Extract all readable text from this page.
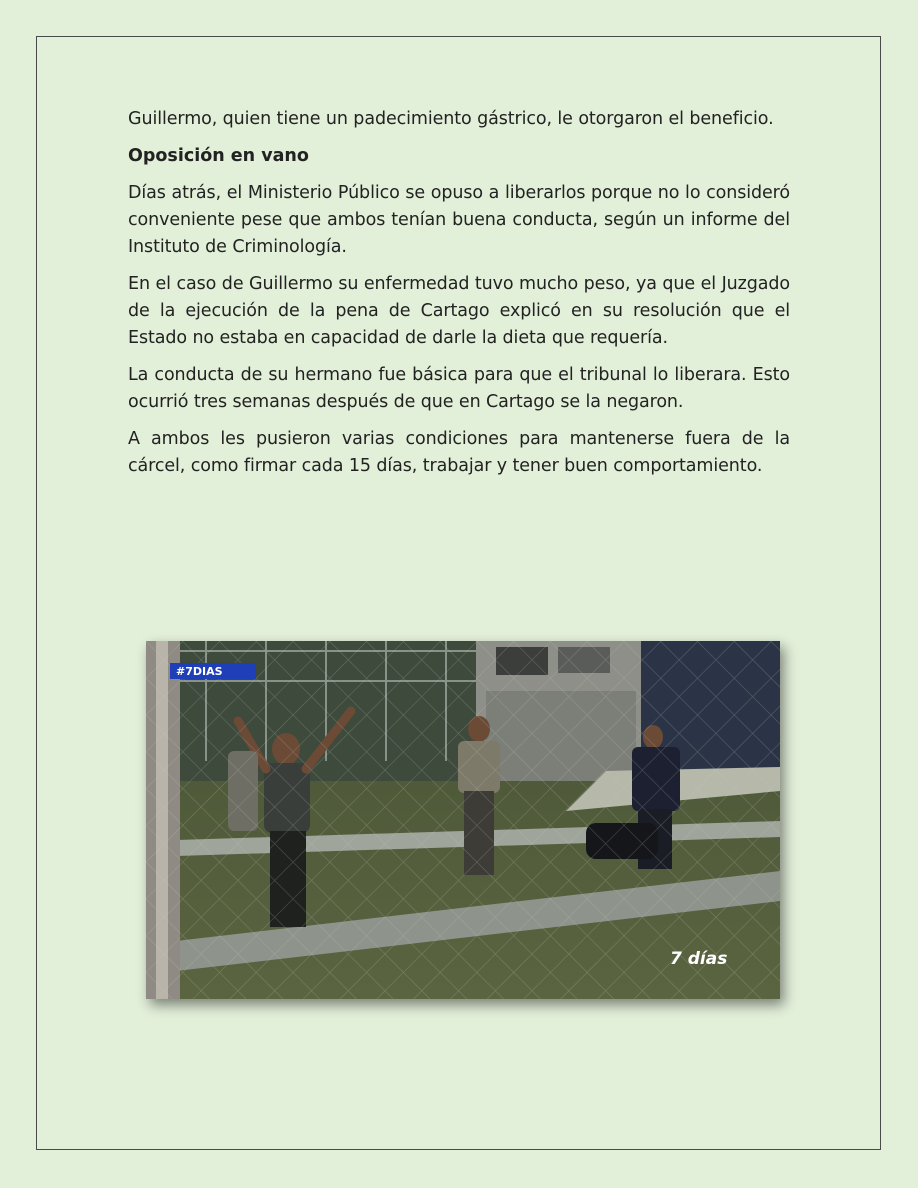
Guillermo, quien tiene un padecimiento gástrico, le otorgaron el beneficio.

Oposición en vano

Días atrás, el Ministerio Público se opuso a liberarlos porque no lo consideró conveniente pese que ambos tenían buena conducta, según un informe del Instituto de Criminología.

En el caso de Guillermo su enfermedad tuvo mucho peso, ya que el Juzgado de la ejecución de la pena de Cartago explicó en su resolución que el Estado no estaba en capacidad de darle la dieta que requería.

La conducta de su hermano fue básica para que el tribunal lo liberara. Esto ocurrió tres semanas después de que en Cartago se la negaron.

A ambos les pusieron varias condiciones para mantenerse fuera de la cárcel, como firmar cada 15 días, trabajar y tener buen comportamiento.

#7DIAS
7 días
